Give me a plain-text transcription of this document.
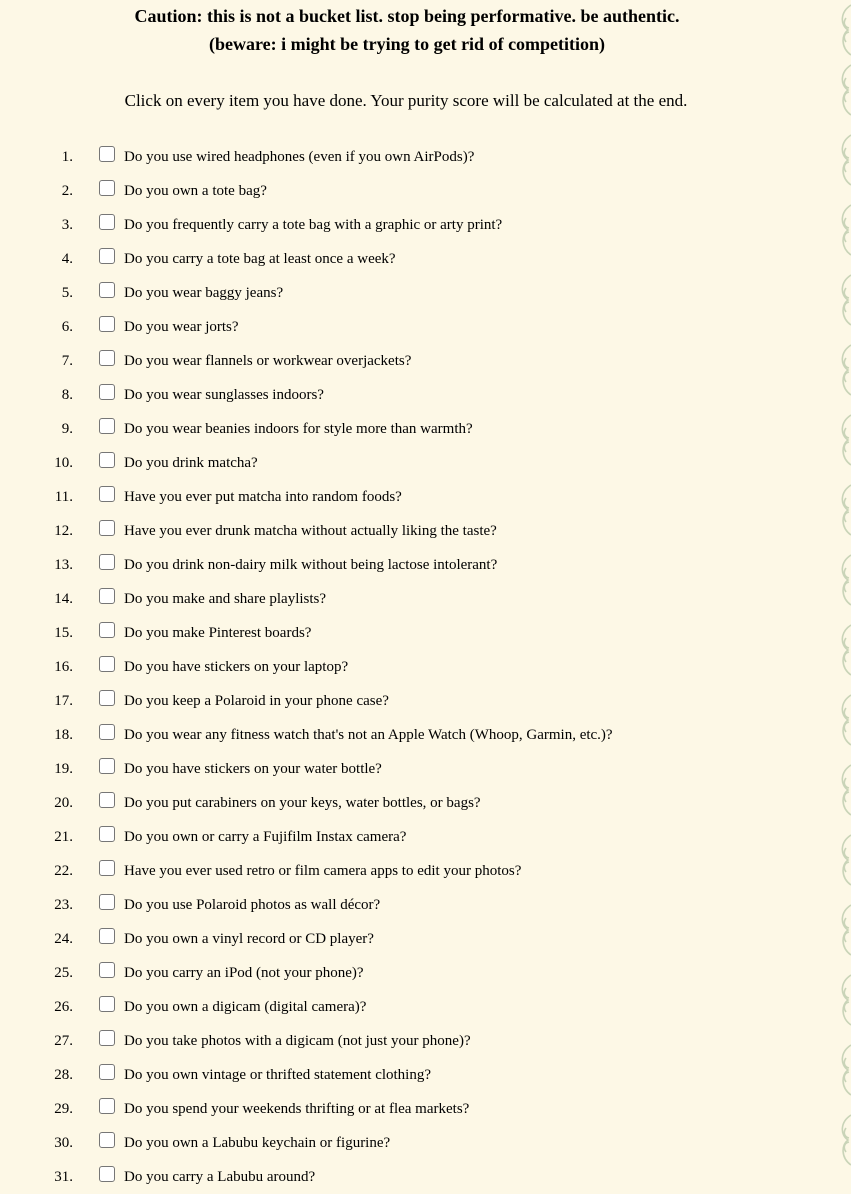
Caution: this is not a bucket list. stop being performative. be authentic.

(beware: i might be trying to get rid of competition)

Click on every item you have done. Your purity score will be calculated at the end.

1.	Do you use wired headphones (even if you own AirPods)?
2.	Do you own a tote bag?
3.	Do you frequently carry a tote bag with a graphic or arty print?
4.	Do you carry a tote bag at least once a week?
5.	Do you wear baggy jeans?
6.	Do you wear jorts?
7.	Do you wear flannels or workwear overjackets?
8.	Do you wear sunglasses indoors?
9.	Do you wear beanies indoors for style more than warmth?
10.	Do you drink matcha?
11.	Have you ever put matcha into random foods?
12.	Have you ever drunk matcha without actually liking the taste?
13.	Do you drink non-dairy milk without being lactose intolerant?
14.	Do you make and share playlists?
15.	Do you make Pinterest boards?
16.	Do you have stickers on your laptop?
17.	Do you keep a Polaroid in your phone case?
18.	Do you wear any fitness watch that's not an Apple Watch (Whoop, Garmin, etc.)?
19.	Do you have stickers on your water bottle?
20.	Do you put carabiners on your keys, water bottles, or bags?
21.	Do you own or carry a Fujifilm Instax camera?
22.	Have you ever used retro or film camera apps to edit your photos?
23.	Do you use Polaroid photos as wall décor?
24.	Do you own a vinyl record or CD player?
25.	Do you carry an iPod (not your phone)?
26.	Do you own a digicam (digital camera)?
27.	Do you take photos with a digicam (not just your phone)?
28.	Do you own vintage or thrifted statement clothing?
29.	Do you spend your weekends thrifting or at flea markets?
30.	Do you own a Labubu keychain or figurine?
31.	Do you carry a Labubu around?
